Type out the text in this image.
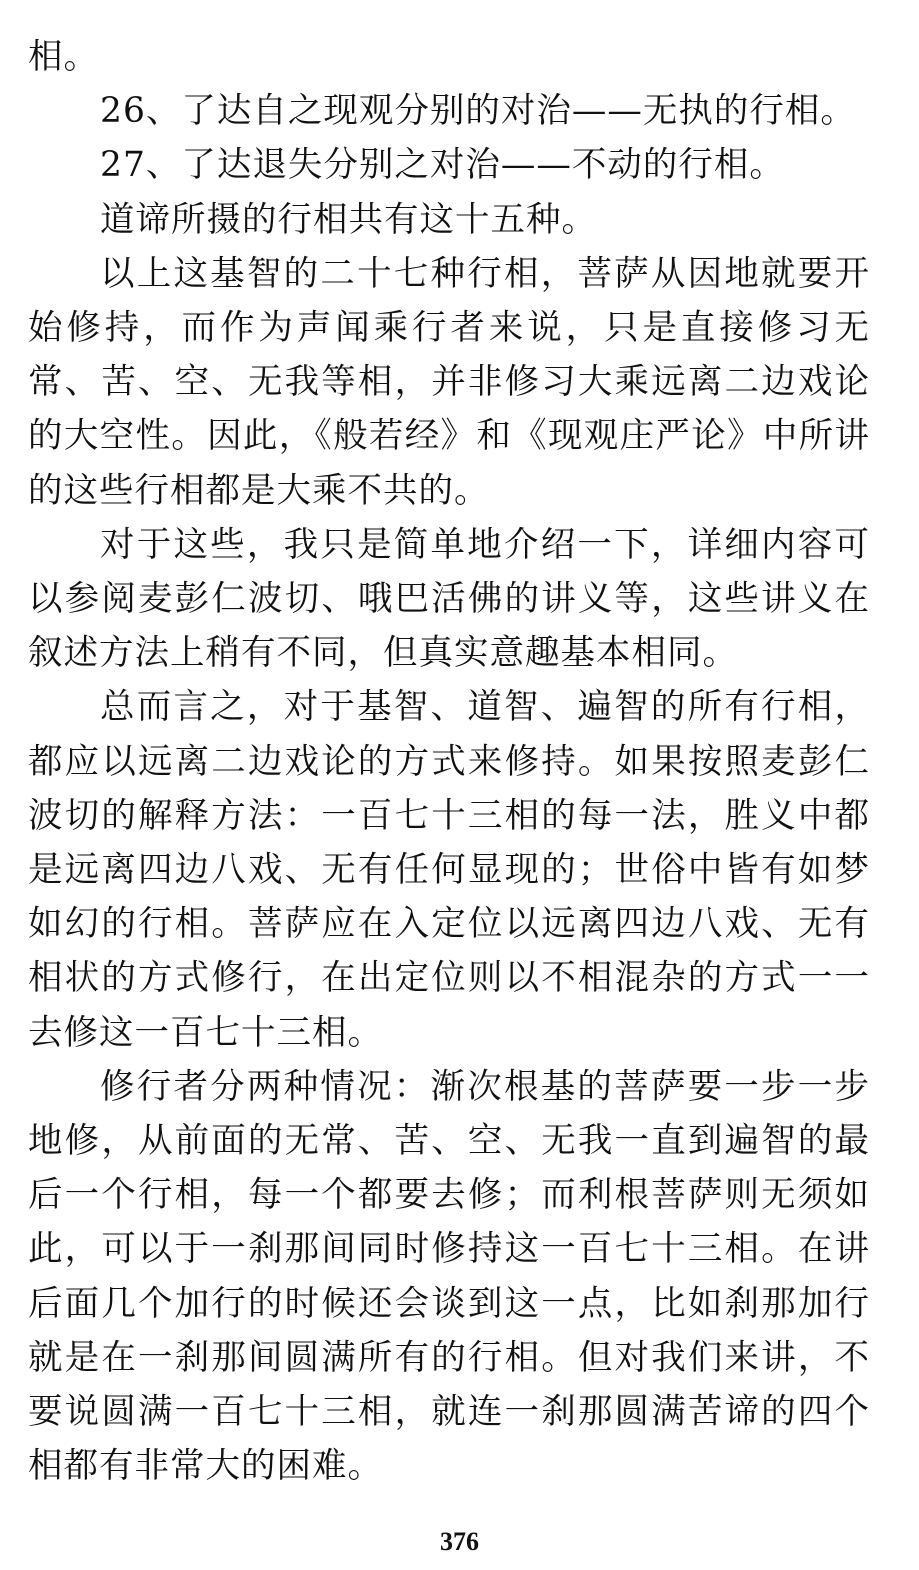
相。

26、了达自之现观分别的对治——无执的行相。

27、了达退失分别之对治——不动的行相。

道谛所摄的行相共有这十五种。

以上这基智的二十七种行相，菩萨从因地就要开始修持，而作为声闻乘行者来说，只是直接修习无常、苦、空、无我等相，并非修习大乘远离二边戏论的大空性。因此，《般若经》和《现观庄严论》中所讲的这些行相都是大乘不共的。

对于这些，我只是简单地介绍一下，详细内容可以参阅麦彭仁波切、哦巴活佛的讲义等，这些讲义在叙述方法上稍有不同，但真实意趣基本相同。

总而言之，对于基智、道智、遍智的所有行相，都应以远离二边戏论的方式来修持。如果按照麦彭仁波切的解释方法：一百七十三相的每一法，胜义中都是远离四边八戏、无有任何显现的；世俗中皆有如梦如幻的行相。菩萨应在入定位以远离四边八戏、无有相状的方式修行，在出定位则以不相混杂的方式一一去修这一百七十三相。

修行者分两种情况：渐次根基的菩萨要一步一步地修，从前面的无常、苦、空、无我一直到遍智的最后一个行相，每一个都要去修；而利根菩萨则无须如此，可以于一刹那间同时修持这一百七十三相。在讲后面几个加行的时候还会谈到这一点，比如刹那加行就是在一刹那间圆满所有的行相。但对我们来讲，不要说圆满一百七十三相，就连一刹那圆满苦谛的四个相都有非常大的困难。

376
